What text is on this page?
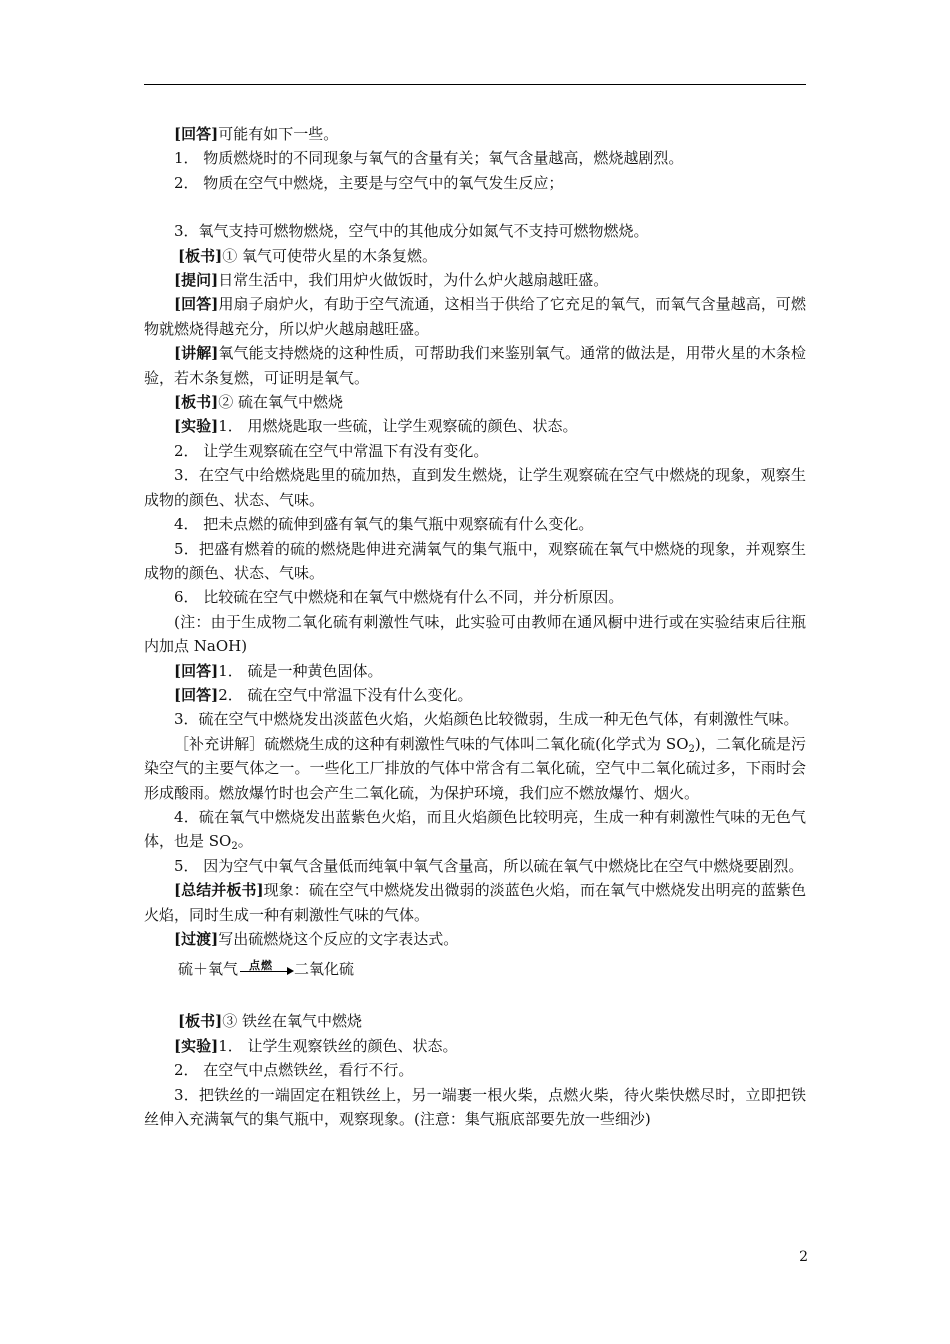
[回答]可能有如下一些。

1． 物质燃烧时的不同现象与氧气的含量有关；氧气含量越高，燃烧越剧烈。

2． 物质在空气中燃烧，主要是与空气中的氧气发生反应；

3．氧气支持可燃物燃烧，空气中的其他成分如氮气不支持可燃物燃烧。

[板书]① 氧气可使带火星的木条复燃。

[提问]日常生活中，我们用炉火做饭时，为什么炉火越扇越旺盛。

[回答]用扇子扇炉火，有助于空气流通，这相当于供给了它充足的氧气，而氧气含量越高，可燃物就燃烧得越充分，所以炉火越扇越旺盛。

[讲解]氧气能支持燃烧的这种性质，可帮助我们来鉴别氧气。通常的做法是，用带火星的木条检验，若木条复燃，可证明是氧气。

[板书]② 硫在氧气中燃烧

[实验]1． 用燃烧匙取一些硫，让学生观察硫的颜色、状态。

2． 让学生观察硫在空气中常温下有没有变化。

3．在空气中给燃烧匙里的硫加热，直到发生燃烧，让学生观察硫在空气中燃烧的现象，观察生成物的颜色、状态、气味。

4． 把未点燃的硫伸到盛有氧气的集气瓶中观察硫有什么变化。

5．把盛有燃着的硫的燃烧匙伸进充满氧气的集气瓶中，观察硫在氧气中燃烧的现象，并观察生成物的颜色、状态、气味。

6． 比较硫在空气中燃烧和在氧气中燃烧有什么不同，并分析原因。

(注：由于生成物二氧化硫有刺激性气味，此实验可由教师在通风橱中进行或在实验结束后往瓶内加点 NaOH)

[回答]1． 硫是一种黄色固体。

[回答]2． 硫在空气中常温下没有什么变化。

3．硫在空气中燃烧发出淡蓝色火焰，火焰颜色比较微弱，生成一种无色气体，有刺激性气味。

［补充讲解］硫燃烧生成的这种有刺激性气味的气体叫二氧化硫(化学式为 $SO_2$)，二氧化硫是污染空气的主要气体之一。一些化工厂排放的气体中常含有二氧化硫，空气中二氧化硫过多，下雨时会形成酸雨。燃放爆竹时也会产生二氧化硫，为保护环境，我们应不燃放爆竹、烟火。

4．硫在氧气中燃烧发出蓝紫色火焰，而且火焰颜色比较明亮，生成一种有刺激性气味的无色气体，也是 $SO_2$。

5． 因为空气中氧气含量低而纯氧中氧气含量高，所以硫在氧气中燃烧比在空气中燃烧要剧烈。

[总结并板书]现象：硫在空气中燃烧发出微弱的淡蓝色火焰，而在氧气中燃烧发出明亮的蓝紫色火焰，同时生成一种有刺激性气味的气体。

[过渡]写出硫燃烧这个反应的文字表达式。

硫＋氧气 点燃 二氧化硫

[板书]③ 铁丝在氧气中燃烧

[实验]1． 让学生观察铁丝的颜色、状态。

2． 在空气中点燃铁丝，看行不行。

3．把铁丝的一端固定在粗铁丝上，另一端裹一根火柴，点燃火柴，待火柴快燃尽时，立即把铁丝伸入充满氧气的集气瓶中，观察现象。(注意：集气瓶底部要先放一些细沙)

2
